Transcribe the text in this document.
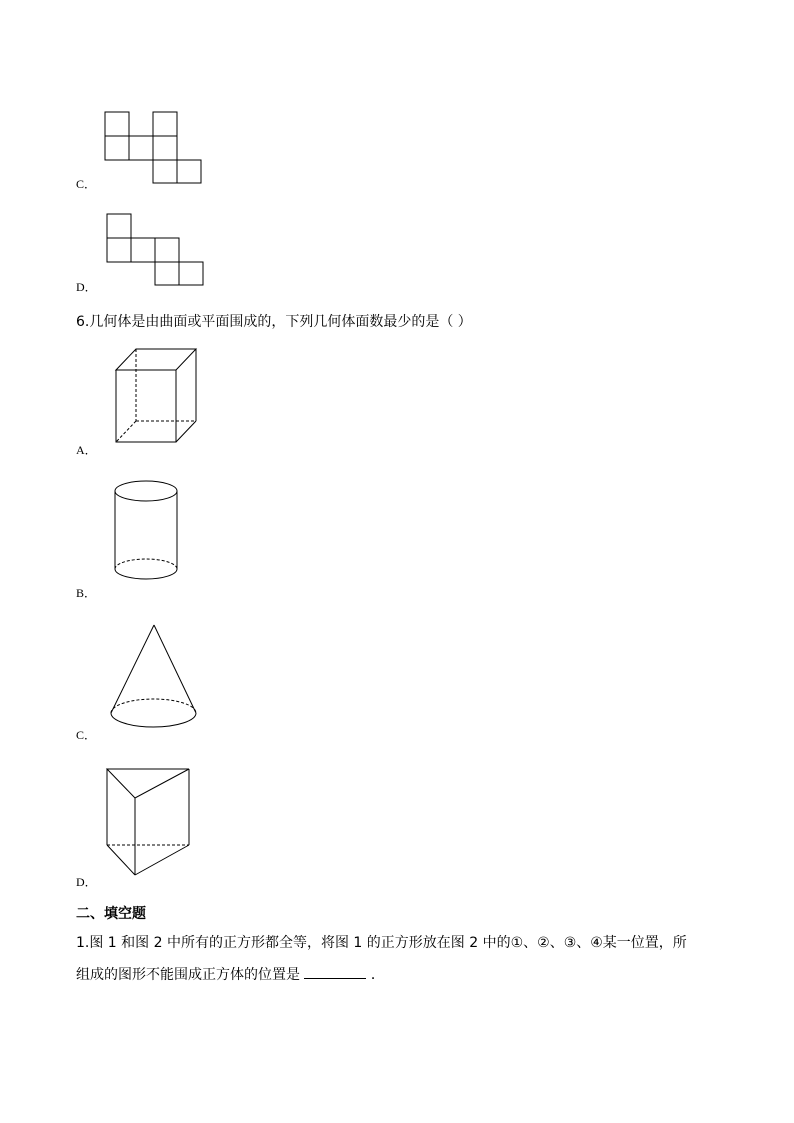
C．
D．
6.几何体是由曲面或平面围成的，下列几何体面数最少的是（ ）
A．
B．
C．
D．
二、填空题
1.图 1 和图 2 中所有的正方形都全等，将图 1 的正方形放在图 2 中的①、②、③、④某一位置，所
组成的图形不能围成正方体的位置是	．
